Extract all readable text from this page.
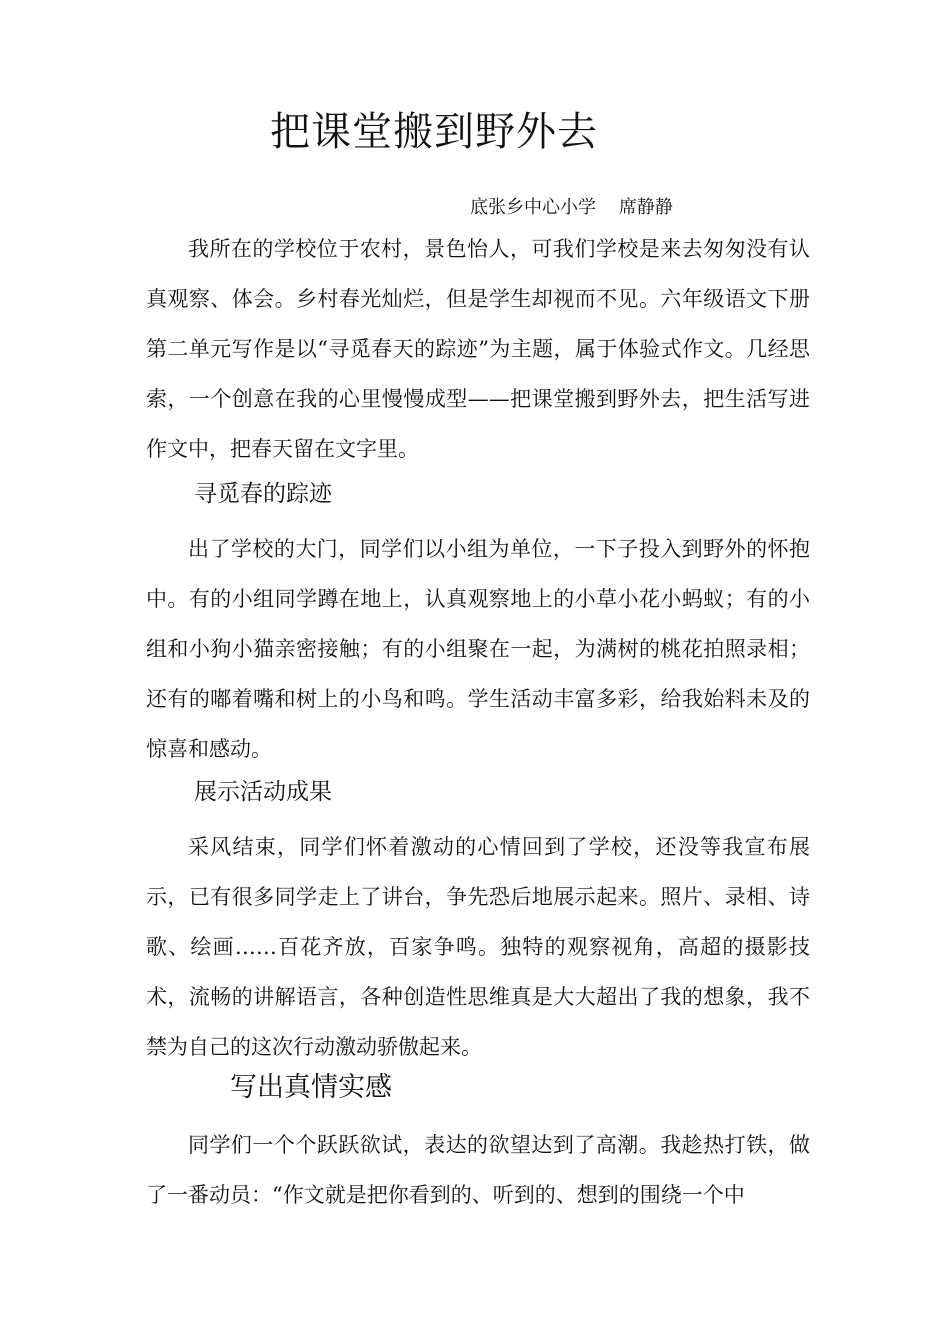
把课堂搬到野外去
底张乡中心小学    席静静

我所在的学校位于农村，景色怡人，可我们学校是来去匆匆没有认真观察、体会。乡村春光灿烂，但是学生却视而不见。六年级语文下册第二单元写作是以“寻觅春天的踪迹”为主题，属于体验式作文。几经思索，一个创意在我的心里慢慢成型——把课堂搬到野外去，把生活写进作文中，把春天留在文字里。

寻觅春的踪迹

出了学校的大门，同学们以小组为单位，一下子投入到野外的怀抱中。有的小组同学蹲在地上，认真观察地上的小草小花小蚂蚁；有的小组和小狗小猫亲密接触；有的小组聚在一起，为满树的桃花拍照录相；还有的嘟着嘴和树上的小鸟和鸣。学生活动丰富多彩，给我始料未及的惊喜和感动。

展示活动成果

采风结束，同学们怀着激动的心情回到了学校，还没等我宣布展示，已有很多同学走上了讲台，争先恐后地展示起来。照片、录相、诗歌、绘画……百花齐放，百家争鸣。独特的观察视角，高超的摄影技术，流畅的讲解语言，各种创造性思维真是大大超出了我的想象，我不禁为自己的这次行动激动骄傲起来。

写出真情实感

同学们一个个跃跃欲试，表达的欲望达到了高潮。我趁热打铁，做了一番动员：“作文就是把你看到的、听到的、想到的围绕一个中
